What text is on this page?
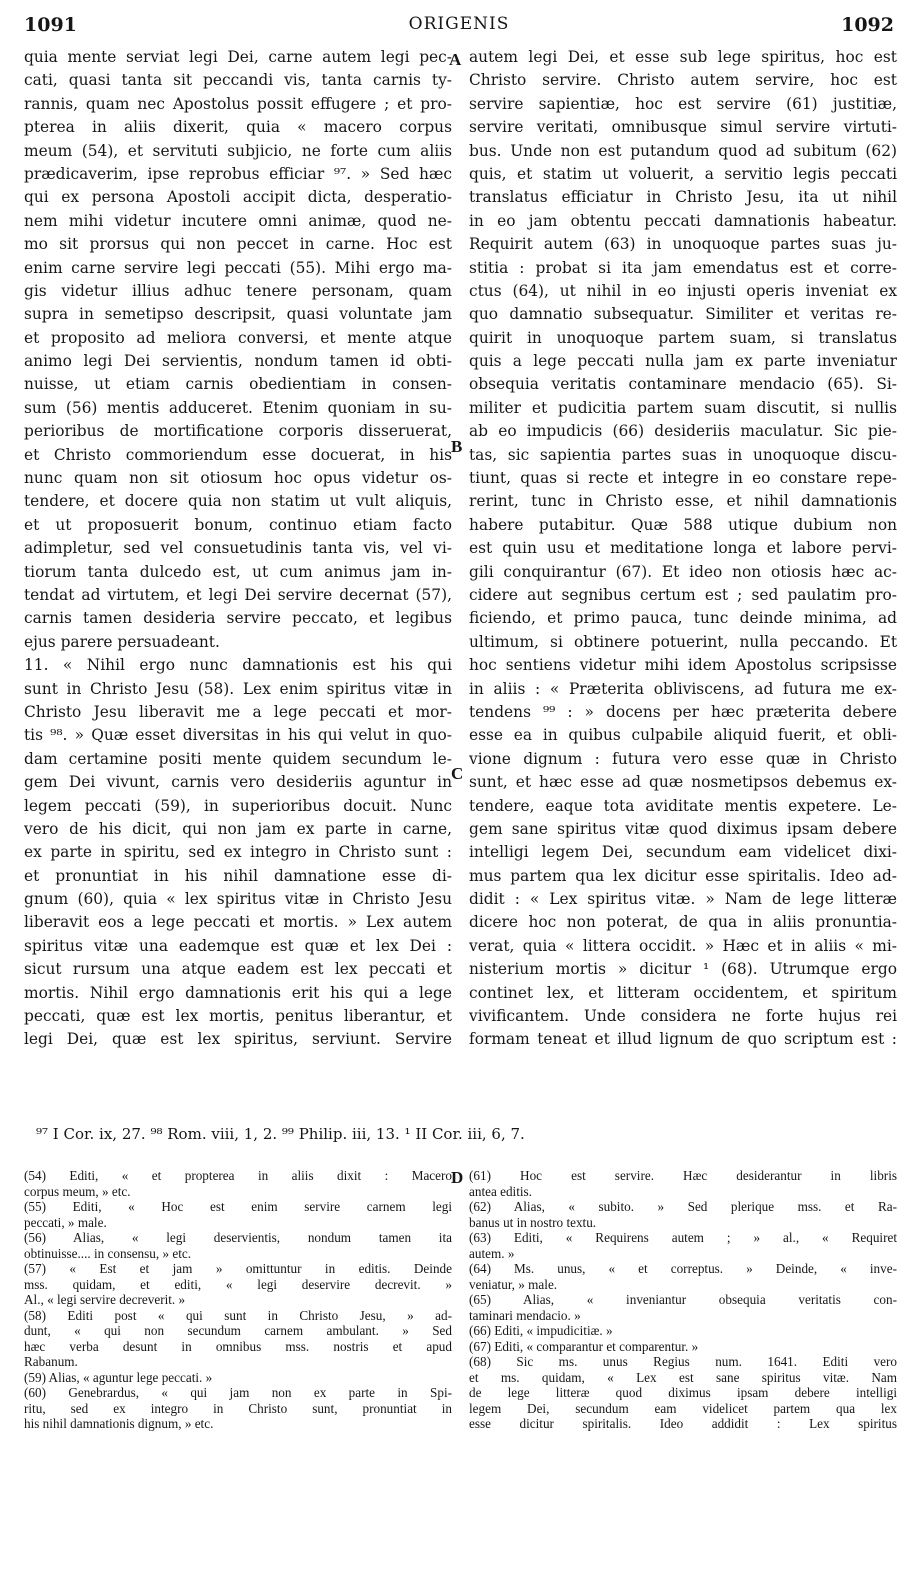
1091	ORIGENIS	1092
quia mente serviat legi Dei, carne autem legi pec-
cati, quasi tanta sit peccandi vis, tanta carnis ty-
rannis, quam nec Apostolus possit effugere ; et pro-
pterea in aliis dixerit, quia « macero corpus
meum (54), et servituti subjicio, ne forte cum aliis
prædicaverim, ipse reprobus efficiar ⁹⁷. » Sed hæc
qui ex persona Apostoli accipit dicta, desperatio-
nem mihi videtur incutere omni animæ, quod ne-
mo sit prorsus qui non peccet in carne. Hoc est
enim carne servire legi peccati (55). Mihi ergo ma-
gis videtur illius adhuc tenere personam, quam
supra in semetipso descripsit, quasi voluntate jam
et proposito ad meliora conversi, et mente atque
animo legi Dei servientis, nondum tamen id obti-
nuisse, ut etiam carnis obedientiam in consen-
sum (56) mentis adduceret. Etenim quoniam in su-
perioribus de mortificatione corporis disseruerat,
et Christo commoriendum esse docuerat, in his
nunc quam non sit otiosum hoc opus videtur os-
tendere, et docere quia non statim ut vult aliquis,
et ut proposuerit bonum, continuo etiam facto
adimpletur, sed vel consuetudinis tanta vis, vel vi-
tiorum tanta dulcedo est, ut cum animus jam in-
tendat ad virtutem, et legi Dei servire decernat (57),
carnis tamen desideria servire peccato, et legibus
ejus parere persuadeant.
11. « Nihil ergo nunc damnationis est his qui
sunt in Christo Jesu (58). Lex enim spiritus vitæ in
Christo Jesu liberavit me a lege peccati et mor-
tis ⁹⁸. » Quæ esset diversitas in his qui velut in quo-
dam certamine positi mente quidem secundum le-
gem Dei vivunt, carnis vero desideriis aguntur in
legem peccati (59), in superioribus docuit. Nunc
vero de his dicit, qui non jam ex parte in carne,
ex parte in spiritu, sed ex integro in Christo sunt :
et pronuntiat in his nihil damnatione esse di-
gnum (60), quia « lex spiritus vitæ in Christo Jesu
liberavit eos a lege peccati et mortis. » Lex autem
spiritus vitæ una eademque est quæ et lex Dei :
sicut rursum una atque eadem est lex peccati et
mortis. Nihil ergo damnationis erit his qui a lege
peccati, quæ est lex mortis, penitus liberantur, et
legi Dei, quæ est lex spiritus, serviunt. Servire
autem legi Dei, et esse sub lege spiritus, hoc est
Christo servire. Christo autem servire, hoc est
servire sapientiæ, hoc est servire (61) justitiæ,
servire veritati, omnibusque simul servire virtuti-
bus. Unde non est putandum quod ad subitum (62)
quis, et statim ut voluerit, a servitio legis peccati
translatus efficiatur in Christo Jesu, ita ut nihil
in eo jam obtentu peccati damnationis habeatur.
Requirit autem (63) in unoquoque partes suas ju-
stitia : probat si ita jam emendatus est et corre-
ctus (64), ut nihil in eo injusti operis inveniat ex
quo damnatio subsequatur. Similiter et veritas re-
quirit in unoquoque partem suam, si translatus
quis a lege peccati nulla jam ex parte inveniatur
obsequia veritatis contaminare mendacio (65). Si-
militer et pudicitia partem suam discutit, si nullis
ab eo impudicis (66) desideriis maculatur. Sic pie-
tas, sic sapientia partes suas in unoquoque discu-
tiunt, quas si recte et integre in eo constare repe-
rerint, tunc in Christo esse, et nihil damnationis
habere putabitur. Quæ 588 utique dubium non
est quin usu et meditatione longa et labore pervi-
gili conquirantur (67). Et ideo non otiosis hæc ac-
cidere aut segnibus certum est ; sed paulatim pro-
ficiendo, et primo pauca, tunc deinde minima, ad
ultimum, si obtinere potuerint, nulla peccando. Et
hoc sentiens videtur mihi idem Apostolus scripsisse
in aliis : « Præterita obliviscens, ad futura me ex-
tendens ⁹⁹ : » docens per hæc præterita debere
esse ea in quibus culpabile aliquid fuerit, et obli-
vione dignum : futura vero esse quæ in Christo
sunt, et hæc esse ad quæ nosmetipsos debemus ex-
tendere, eaque tota aviditate mentis expetere. Le-
gem sane spiritus vitæ quod diximus ipsam debere
intelligi legem Dei, secundum eam videlicet dixi-
mus partem qua lex dicitur esse spiritalis. Ideo ad-
didit : « Lex spiritus vitæ. » Nam de lege litteræ
dicere hoc non poterat, de qua in aliis pronuntia-
verat, quia « littera occidit. » Hæc et in aliis « mi-
nisterium mortis » dicitur ¹ (68). Utrumque ergo
continet lex, et litteram occidentem, et spiritum
vivificantem. Unde considera ne forte hujus rei
formam teneat et illud lignum de quo scriptum est :
A
B
C
D
⁹⁷ I Cor. ix, 27. ⁹⁸ Rom. viii, 1, 2. ⁹⁹ Philip. iii, 13. ¹ II Cor. iii, 6, 7.
(54) Editi, « et propterea in aliis dixit : Macero
corpus meum, » etc.
(55) Editi, « Hoc est enim servire carnem legi
peccati, » male.
(56) Alias, « legi deservientis, nondum tamen ita
obtinuisse.... in consensu, » etc.
(57) « Est et jam » omittuntur in editis. Deinde
mss. quidam, et editi, « legi deservire decrevit. »
Al., « legi servire decreverit. »
(58) Editi post « qui sunt in Christo Jesu, » ad-
dunt, « qui non secundum carnem ambulant. » Sed
hæc verba desunt in omnibus mss. nostris et apud
Rabanum.
(59) Alias, « aguntur lege peccati. »
(60) Genebrardus, « qui jam non ex parte in Spi-
ritu, sed ex integro in Christo sunt, pronuntiat in
his nihil damnationis dignum, » etc.
(61) Hoc est servire. Hæc desiderantur in libris
antea editis.
(62) Alias, « subito. » Sed plerique mss. et Ra-
banus ut in nostro textu.
(63) Editi, « Requirens autem ; » al., « Requiret
autem. »
(64) Ms. unus, « et correptus. » Deinde, « inve-
veniatur, » male.
(65) Alias, « inveniantur obsequia veritatis con-
taminari mendacio. »
(66) Editi, « impudicitiæ. »
(67) Editi, « comparantur et comparentur. »
(68) Sic ms. unus Regius num. 1641. Editi vero
et ms. quidam, « Lex est sane spiritus vitæ. Nam
de lege litteræ quod diximus ipsam debere intelligi
legem Dei, secundum eam videlicet partem qua lex
esse dicitur spiritalis. Ideo addidit : Lex spiritus
